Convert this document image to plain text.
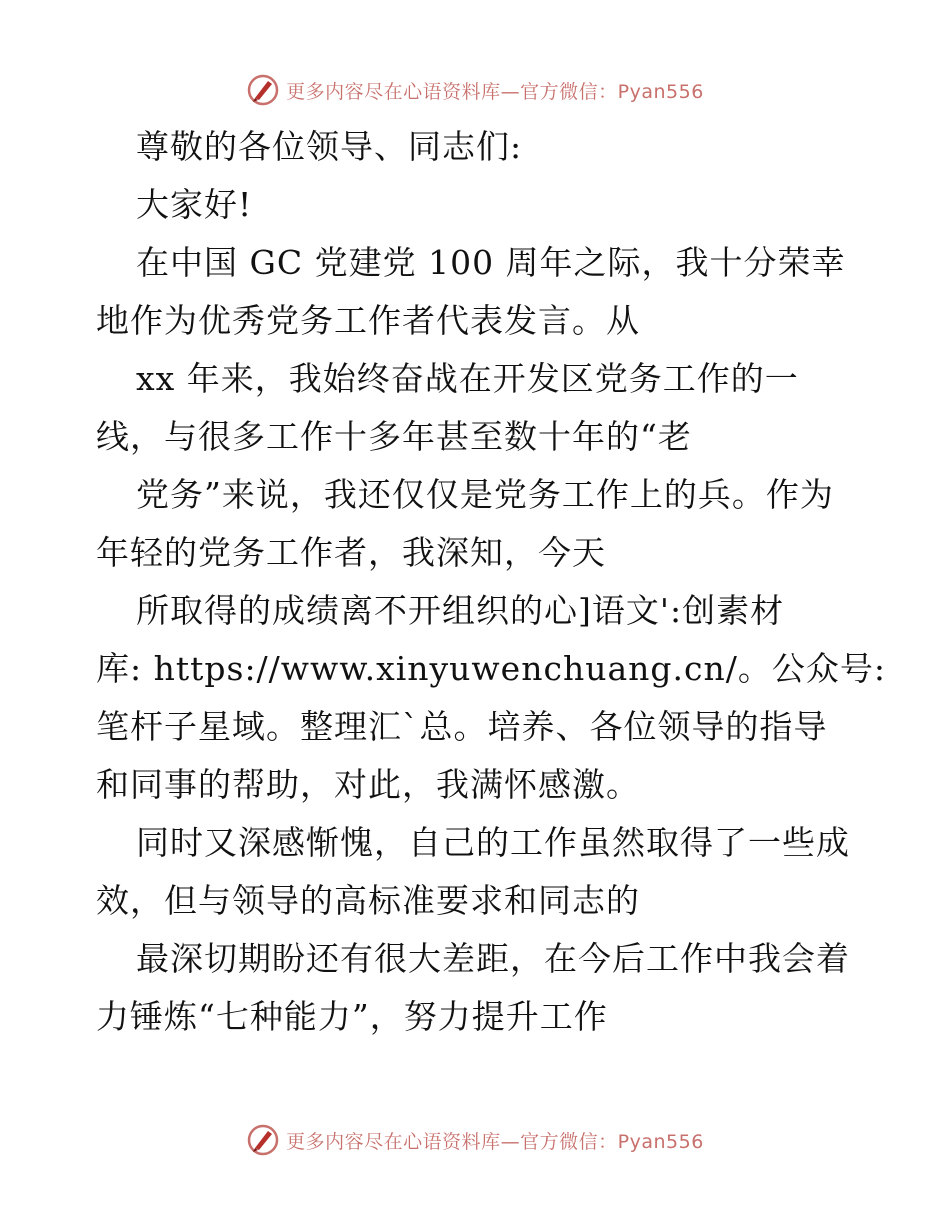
更多内容尽在心语资料库—官方微信：Pyan556
尊敬的各位领导、同志们:
大家好!
在中国 GC 党建党 100 周年之际，我十分荣幸
地作为优秀党务工作者代表发言。从
xx 年来，我始终奋战在开发区党务工作的一
线，与很多工作十多年甚至数十年的“老
党务”来说，我还仅仅是党务工作上的兵。作为
年轻的党务工作者，我深知，今天
所取得的成绩离不开组织的心]语文':创素材
库: https://www.xinyuwenchuang.cn/。公众号:
笔杆子星域。整理汇`总。培养、各位领导的指导
和同事的帮助，对此，我满怀感激。
同时又深感惭愧，自己的工作虽然取得了一些成
效，但与领导的高标准要求和同志的
最深切期盼还有很大差距，在今后工作中我会着
力锤炼“七种能力”，努力提升工作
更多内容尽在心语资料库—官方微信：Pyan556
